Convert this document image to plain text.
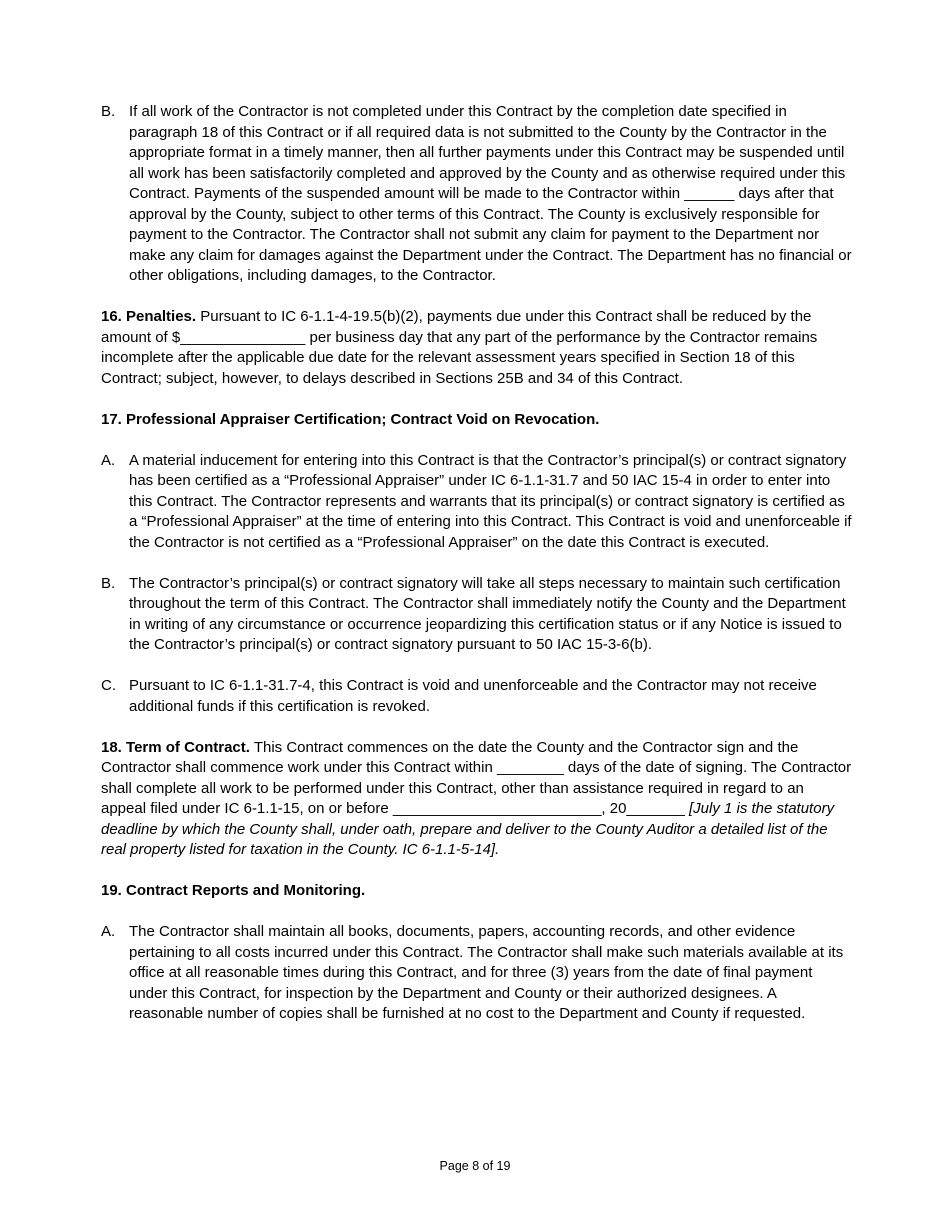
B. If all work of the Contractor is not completed under this Contract by the completion date specified in paragraph 18 of this Contract or if all required data is not submitted to the County by the Contractor in the appropriate format in a timely manner, then all further payments under this Contract may be suspended until all work has been satisfactorily completed and approved by the County and as otherwise required under this Contract. Payments of the suspended amount will be made to the Contractor within ______ days after that approval by the County, subject to other terms of this Contract. The County is exclusively responsible for payment to the Contractor. The Contractor shall not submit any claim for payment to the Department nor make any claim for damages against the Department under the Contract. The Department has no financial or other obligations, including damages, to the Contractor.
16. Penalties. Pursuant to IC 6-1.1-4-19.5(b)(2), payments due under this Contract shall be reduced by the amount of $_______________ per business day that any part of the performance by the Contractor remains incomplete after the applicable due date for the relevant assessment years specified in Section 18 of this Contract; subject, however, to delays described in Sections 25B and 34 of this Contract.
17. Professional Appraiser Certification; Contract Void on Revocation.
A. A material inducement for entering into this Contract is that the Contractor’s principal(s) or contract signatory has been certified as a “Professional Appraiser” under IC 6-1.1-31.7 and 50 IAC 15-4 in order to enter into this Contract. The Contractor represents and warrants that its principal(s) or contract signatory is certified as a “Professional Appraiser” at the time of entering into this Contract. This Contract is void and unenforceable if the Contractor is not certified as a “Professional Appraiser” on the date this Contract is executed.
B. The Contractor’s principal(s) or contract signatory will take all steps necessary to maintain such certification throughout the term of this Contract. The Contractor shall immediately notify the County and the Department in writing of any circumstance or occurrence jeopardizing this certification status or if any Notice is issued to the Contractor’s principal(s) or contract signatory pursuant to 50 IAC 15-3-6(b).
C. Pursuant to IC 6-1.1-31.7-4, this Contract is void and unenforceable and the Contractor may not receive additional funds if this certification is revoked.
18. Term of Contract. This Contract commences on the date the County and the Contractor sign and the Contractor shall commence work under this Contract within ________ days of the date of signing. The Contractor shall complete all work to be performed under this Contract, other than assistance required in regard to an appeal filed under IC 6-1.1-15, on or before _________________________, 20_______ [July 1 is the statutory deadline by which the County shall, under oath, prepare and deliver to the County Auditor a detailed list of the real property listed for taxation in the County. IC 6-1.1-5-14].
19. Contract Reports and Monitoring.
A. The Contractor shall maintain all books, documents, papers, accounting records, and other evidence pertaining to all costs incurred under this Contract. The Contractor shall make such materials available at its office at all reasonable times during this Contract, and for three (3) years from the date of final payment under this Contract, for inspection by the Department and County or their authorized designees. A reasonable number of copies shall be furnished at no cost to the Department and County if requested.
Page 8 of 19
